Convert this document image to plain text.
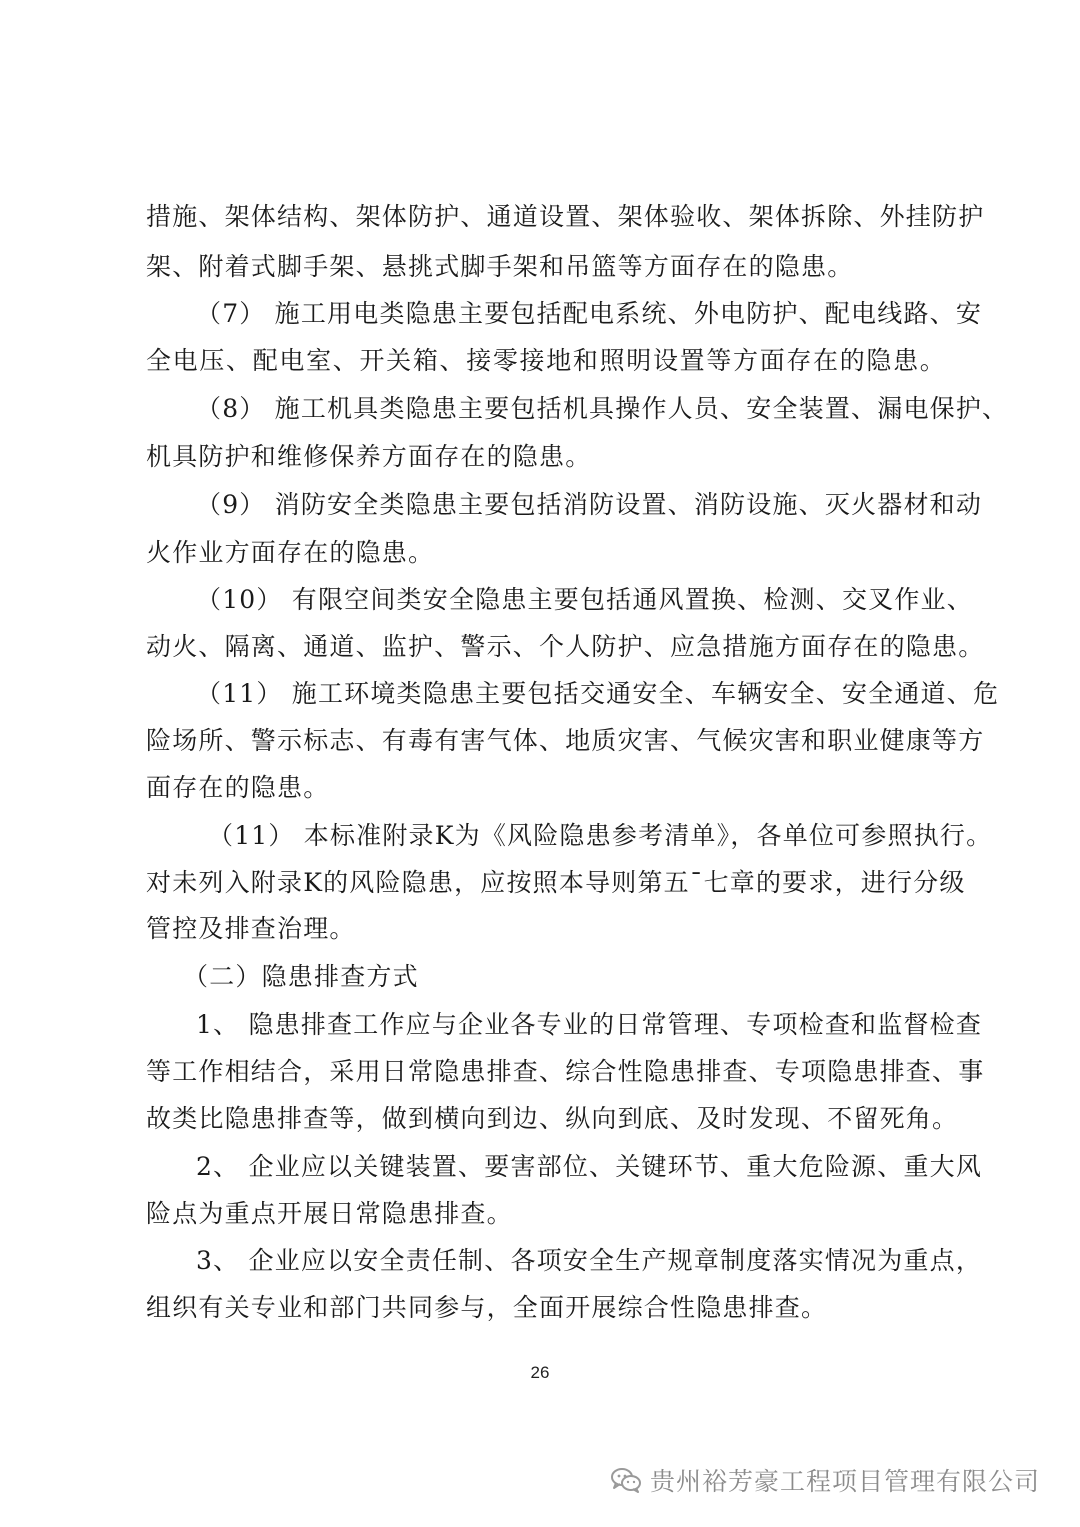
措施、架体结构、架体防护、通道设置、架体验收、架体拆除、外挂防护
架、附着式脚手架、悬挑式脚手架和吊篮等方面存在的隐患。
（7） 施工用电类隐患主要包括配电系统、外电防护、配电线路、安
全电压、配电室、开关箱、接零接地和照明设置等方面存在的隐患。
（8） 施工机具类隐患主要包括机具操作人员、安全装置、漏电保护、
机具防护和维修保养方面存在的隐患。
（9） 消防安全类隐患主要包括消防设置、消防设施、灭火器材和动
火作业方面存在的隐患。
（10） 有限空间类安全隐患主要包括通风置换、检测、交叉作业、
动火、隔离、通道、监护、警示、个人防护、应急措施方面存在的隐患。
（11） 施工环境类隐患主要包括交通安全、车辆安全、安全通道、危
险场所、警示标志、有毒有害气体、地质灾害、气候灾害和职业健康等方
面存在的隐患。
（11） 本标准附录K为《风险隐患参考清单》，各单位可参照执行。
对未列入附录K的风险隐患，应按照本导则第五¯七章的要求，进行分级
管控及排查治理。
（二）隐患排查方式
1、 隐患排查工作应与企业各专业的日常管理、专项检查和监督检查
等工作相结合，采用日常隐患排查、综合性隐患排查、专项隐患排查、事
故类比隐患排查等，做到横向到边、纵向到底、及时发现、不留死角。
2、 企业应以关键装置、要害部位、关键环节、重大危险源、重大风
险点为重点开展日常隐患排查。
3、 企业应以安全责任制、各项安全生产规章制度落实情况为重点，
组织有关专业和部门共同参与，全面开展综合性隐患排查。
26
贵州裕芳豪工程项目管理有限公司
